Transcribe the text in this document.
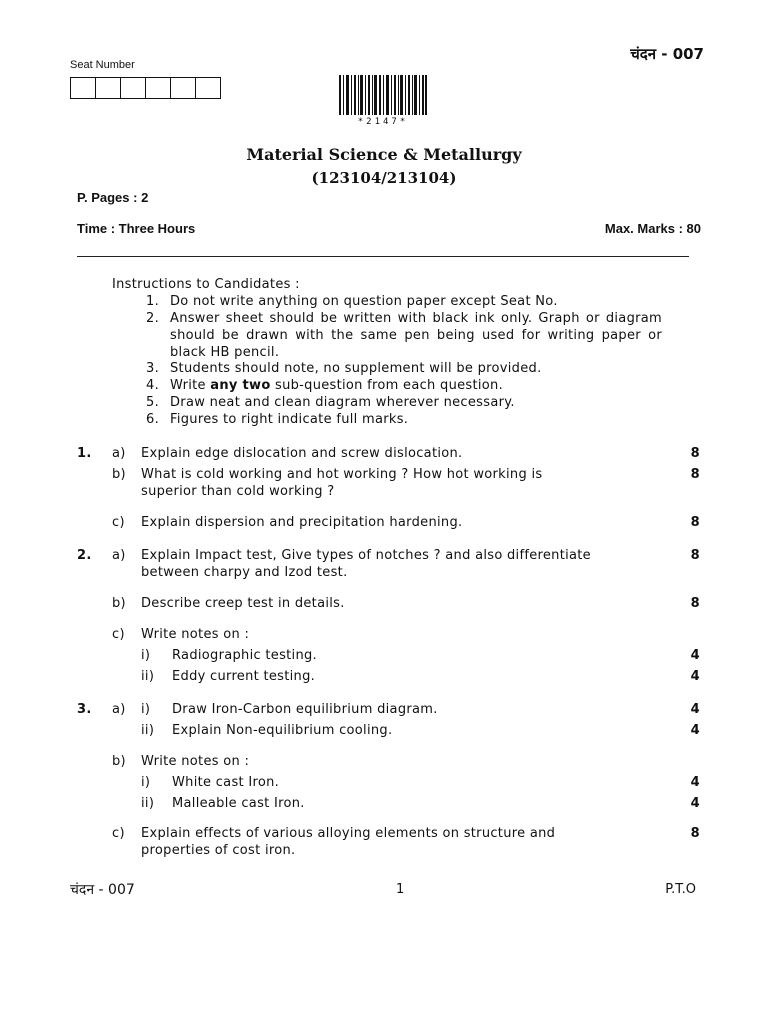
चंदन - 007
Seat Number
*2147*
Material Science & Metallurgy
(123104/213104)
P. Pages : 2
Time : Three Hours	Max. Marks : 80
Instructions to Candidates :
1. Do not write anything on question paper except Seat No.
2. Answer sheet should be written with black ink only. Graph or diagram should be drawn with the same pen being used for writing paper or black HB pencil.
3. Students should note, no supplement will be provided.
4. Write any two sub-question from each question.
5. Draw neat and clean diagram wherever necessary.
6. Figures to right indicate full marks.
1. a) Explain edge dislocation and screw dislocation.	8
b) What is cold working and hot working ? How hot working is
superior than cold working ?
8
c) Explain dispersion and precipitation hardening.	8
2. a) Explain Impact test, Give types of notches ? and also differentiate
between charpy and Izod test.
8
b) Describe creep test in details.	8
c) Write notes on :
i) Radiographic testing.	4
ii) Eddy current testing.	4
3. a) i) Draw Iron-Carbon equilibrium diagram.	4
ii) Explain Non-equilibrium cooling.	4
b) Write notes on :
i) White cast Iron.	4
ii) Malleable cast Iron.	4
c) Explain effects of various alloying elements on structure and
properties of cost iron.
8
चंदन - 007	1	P.T.O
